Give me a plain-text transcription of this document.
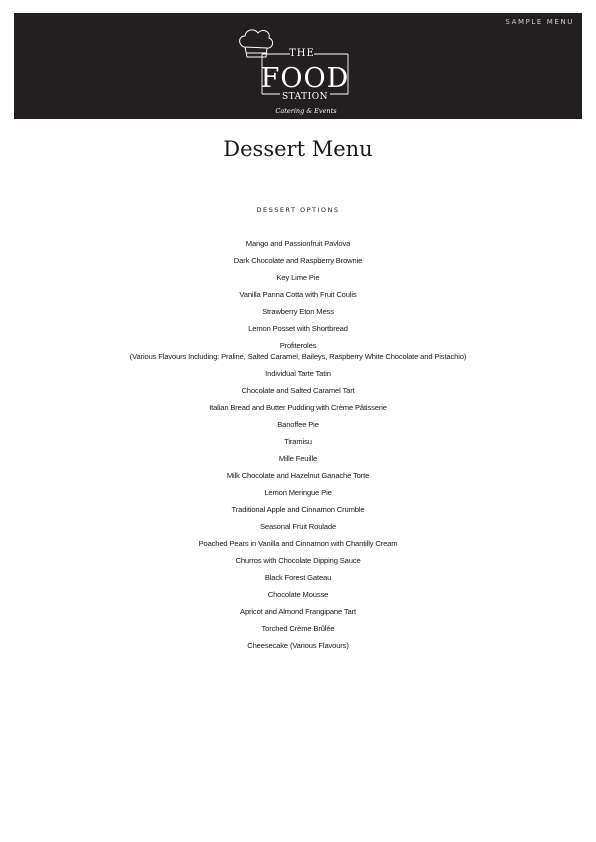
SAMPLE MENU
THE
FOOD
STATION
Catering & Events
Dessert Menu
DESSERT OPTIONS
Mango and Passionfruit Pavlova
Dark Chocolate and Raspberry Brownie
Key Lime Pie
Vanilla Panna Cotta with Fruit Coulis
Strawberry Eton Mess
Lemon Posset with Shortbread
Profiteroles
(Various Flavours Including: Praline, Salted Caramel, Baileys, Raspberry White Chocolate and Pistachio)
Individual Tarte Tatin
Chocolate and Salted Caramel Tart
Italian Bread and Butter Pudding with Crème Pâtisserie
Banoffee Pie
Tiramisu
Mille Feuille
Milk Chocolate and Hazelnut Ganache Torte
Lemon Meringue Pie
Traditional Apple and Cinnamon Crumble
Seasonal Fruit Roulade
Poached Pears in Vanilla and Cinnamon with Chantilly Cream
Churros with Chocolate Dipping Sauce
Black Forest Gateau
Chocolate Mousse
Apricot and Almond Frangipane Tart
Torched Crème Brûlée
Cheesecake (Various Flavours)
